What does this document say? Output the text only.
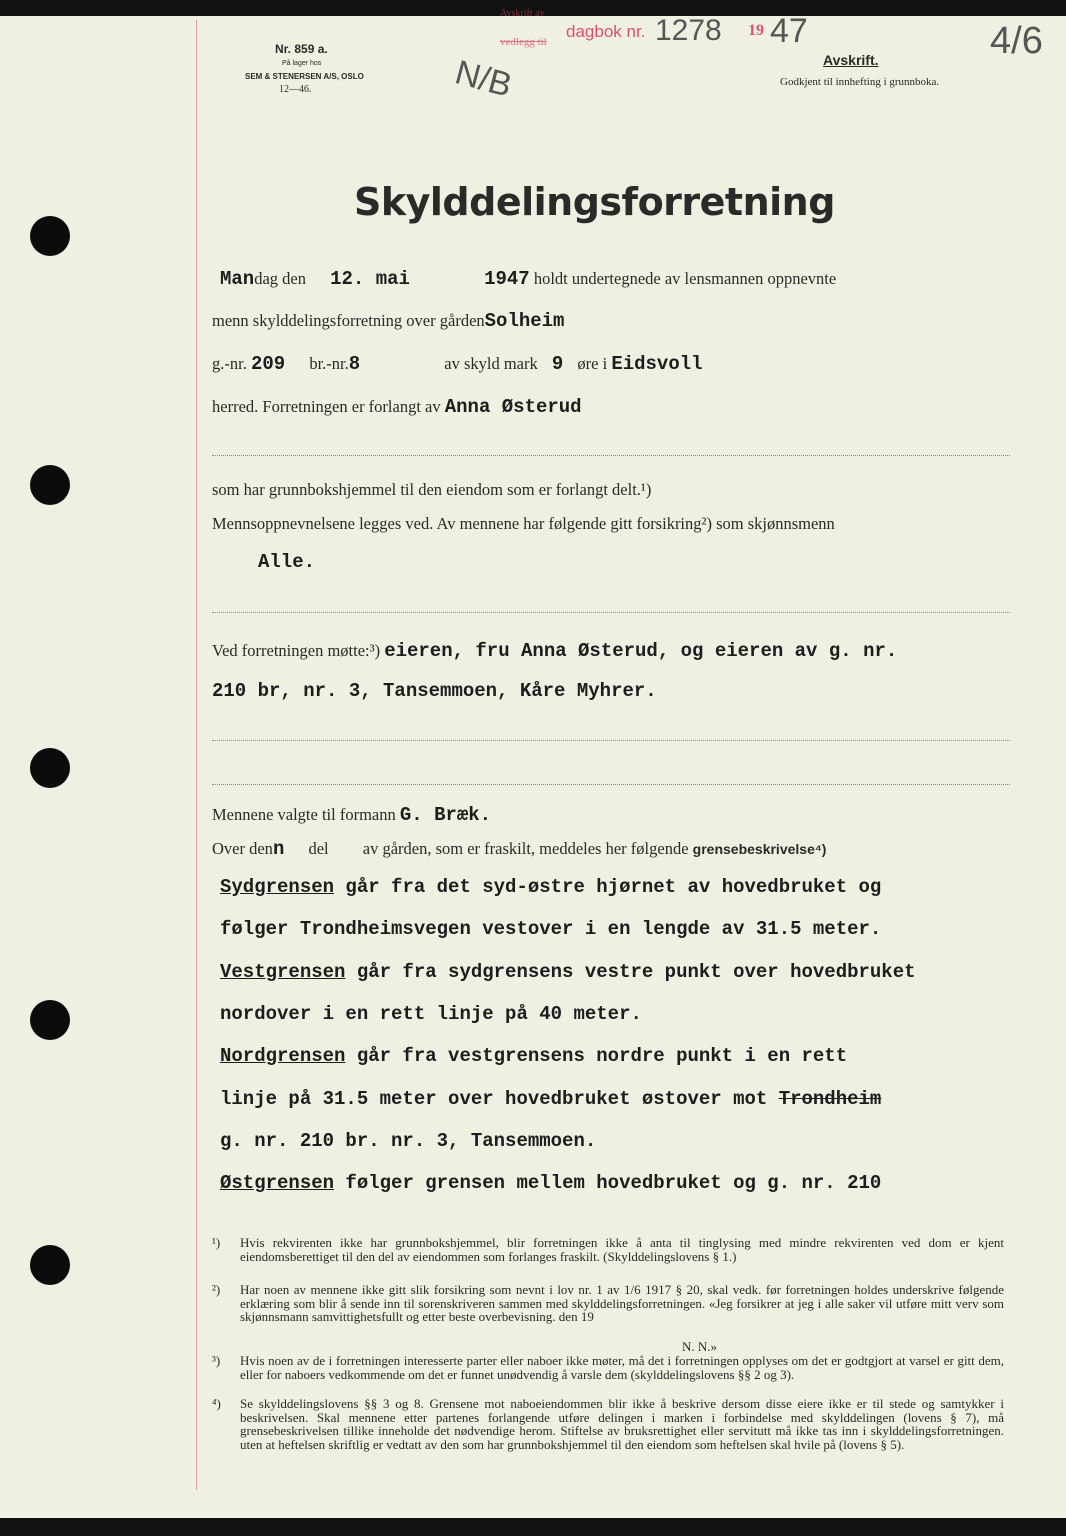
Nr. 859 a.
På lager hos
SEM & STENERSEN A/S, OSLO
12—46.	N/B
Avskrift av
vedlegg til
dagbok nr. 1278 19 47	4/6
Avskrift.
Godkjent til innhefting i grunnboka.
Skylddelingsforretning
Mandag den 12. mai	1947 holdt undertegnede av lensmannen oppnevnte
menn skylddelingsforretning over gårdenSolheim
g.-nr. 209 br.-nr.8	av skyld mark 9 øre i Eidsvoll
herred. Forretningen er forlangt av Anna Østerud
som har grunnbokshjemmel til den eiendom som er forlangt delt.¹)
Mennsoppnevnelsene legges ved. Av mennene har følgende gitt forsikring²) som skjønnsmenn
Alle.
Ved forretningen møtte:³) eieren, fru Anna Østerud, og eieren av g. nr.
210 br, nr. 3, Tansemmoen, Kåre Myhrer.
Mennene valgte til formann G. Bræk.
Over denn del av gården, som er fraskilt, meddeles her følgende grensebeskrivelse⁴)
Sydgrensen går fra det syd-østre hjørnet av hovedbruket og
følger Trondheimsvegen vestover i en lengde av 31.5 meter.
Vestgrensen går fra sydgrensens vestre punkt over hovedbruket
nordover i en rett linje på 40 meter.
Nordgrensen går fra vestgrensens nordre punkt i en rett
linje på 31.5 meter over hovedbruket østover mot Trondheim
g. nr. 210 br. nr. 3, Tansemmoen.
Østgrensen følger grensen mellem hovedbruket og g. nr. 210
¹) Hvis rekvirenten ikke har grunnbokshjemmel, blir forretningen ikke å anta til tinglysing med mindre rekvirenten ved dom er kjent eiendomsberettiget til den del av eiendommen som forlanges fraskilt. (Skylddelingslovens § 1.)
²) Har noen av mennene ikke gitt slik forsikring som nevnt i lov nr. 1 av 1/6 1917 § 20, skal vedk. før forretningen holdes underskrive følgende erklæring som blir å sende inn til sorenskriveren sammen med skylddelingsforretningen. «Jeg forsikrer at jeg i alle saker vil utføre mitt verv som skjønnsmann samvittighetsfullt og etter beste overbevisning. den 19
N. N.»
³) Hvis noen av de i forretningen interesserte parter eller naboer ikke møter, må det i forretningen opplyses om det er godtgjort at varsel er gitt dem, eller for naboers vedkommende om det er funnet unødvendig å varsle dem (skylddelingslovens §§ 2 og 3).
⁴) Se skylddelingslovens §§ 3 og 8. Grensene mot naboeiendommen blir ikke å beskrive dersom disse eiere ikke er til stede og samtykker i beskrivelsen. Skal mennene etter partenes forlangende utføre delingen i marken i forbindelse med skylddelingen (lovens § 7), må grensebeskrivelsen tillike inneholde det nødvendige herom. Stiftelse av bruksrettighet eller servitutt må ikke tas inn i skylddelingsforretningen. uten at heftelsen skriftlig er vedtatt av den som har grunnbokshjemmel til den eiendom som heftelsen skal hvile på (lovens § 5).
